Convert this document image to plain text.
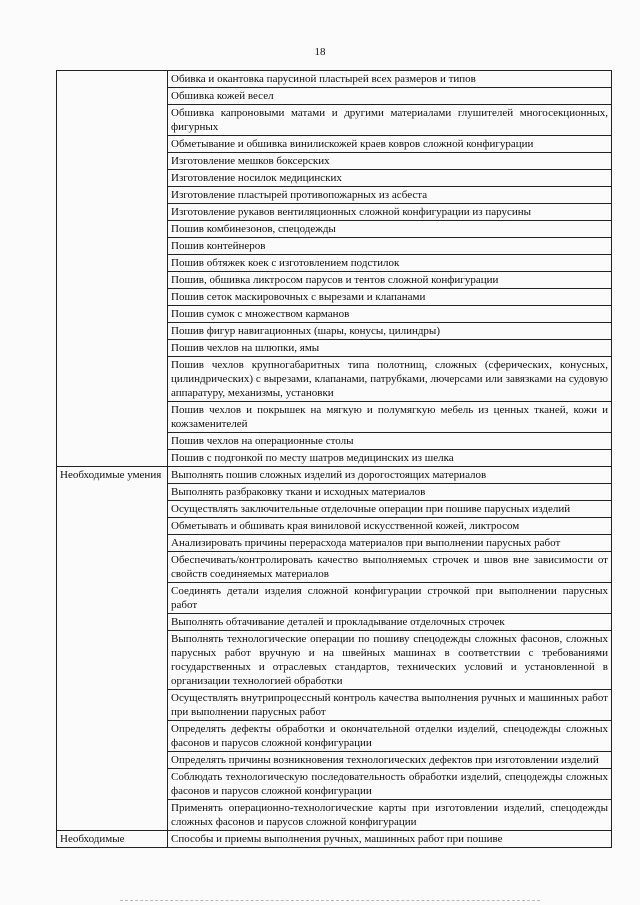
18
	Обивка и окантовка парусиной пластырей всех размеров и типов
	Обшивка кожей весел
	Обшивка капроновыми матами и другими материалами глушителей многосекционных, фигурных
	Обметывание и обшивка винилискожей краев ковров сложной конфигурации
	Изготовление мешков боксерских
	Изготовление носилок медицинских
	Изготовление пластырей противопожарных из асбеста
	Изготовление рукавов вентиляционных сложной конфигурации из парусины
	Пошив комбинезонов, спецодежды
	Пошив контейнеров
	Пошив обтяжек коек с изготовлением подстилок
	Пошив, обшивка ликтросом парусов и тентов сложной конфигурации
	Пошив сеток маскировочных с вырезами и клапанами
	Пошив сумок с множеством карманов
	Пошив фигур навигационных (шары, конусы, цилиндры)
	Пошив чехлов на шлюпки, ямы
	Пошив чехлов крупногабаритных типа полотнищ, сложных (сферических, конусных, цилиндрических) с вырезами, клапанами, патрубками, лючерсами или завязками на судовую аппаратуру, механизмы, установки
	Пошив чехлов и покрышек на мягкую и полумягкую мебель из ценных тканей, кожи и кожзаменителей
	Пошив чехлов на операционные столы
	Пошив с подгонкой по месту шатров медицинских из шелка
Необходимые умения	Выполнять пошив сложных изделий из дорогостоящих материалов
	Выполнять разбраковку ткани и исходных материалов
	Осуществлять заключительные отделочные операции при пошиве парусных изделий
	Обметывать и обшивать края виниловой искусственной кожей, ликтросом
	Анализировать причины перерасхода материалов при выполнении парусных работ
	Обеспечивать/контролировать качество выполняемых строчек и швов вне зависимости от свойств соединяемых материалов
	Соединять детали изделия сложной конфигурации строчкой при выполнении парусных работ
	Выполнять обтачивание деталей и прокладывание отделочных строчек
	Выполнять технологические операции по пошиву спецодежды сложных фасонов, сложных парусных работ вручную и на швейных машинах в соответствии с требованиями государственных и отраслевых стандартов, технических условий и установленной в организации технологией обработки
	Осуществлять внутрипроцессный контроль качества выполнения ручных и машинных работ при выполнении парусных работ
	Определять дефекты обработки и окончательной отделки изделий, спецодежды сложных фасонов и парусов сложной конфигурации
	Определять причины возникновения технологических дефектов при изготовлении изделий
	Соблюдать технологическую последовательность обработки изделий, спецодежды сложных фасонов и парусов сложной конфигурации
	Применять операционно-технологические карты при изготовлении изделий, спецодежды сложных фасонов и парусов сложной конфигурации
Необходимые	Способы и приемы выполнения ручных, машинных работ при пошиве
